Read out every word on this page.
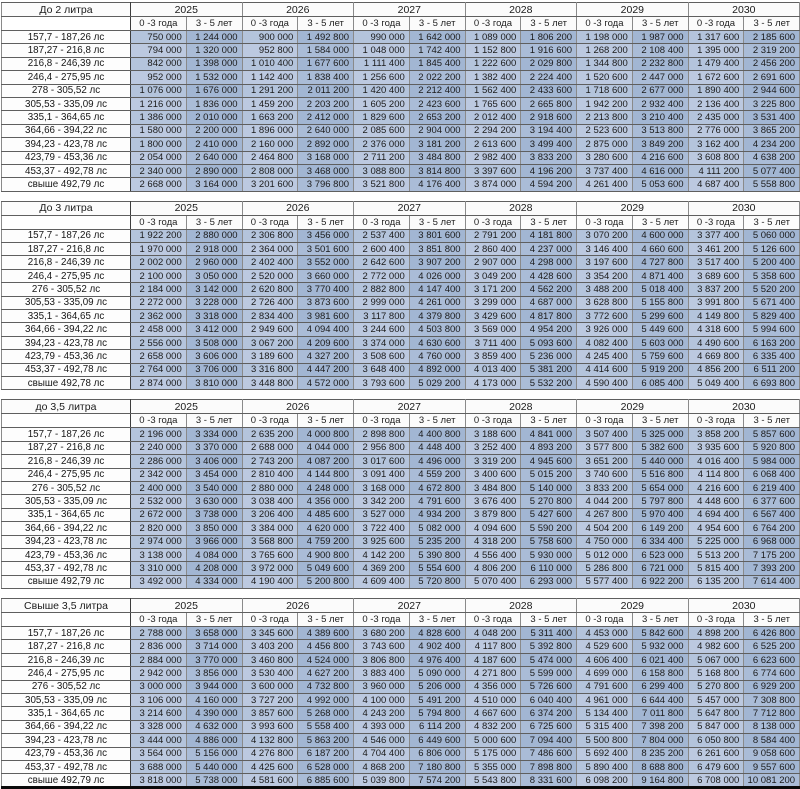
До 2 литра	2025		2026		2027		2028		2029		2030	
	0 -3 года	3 - 5 лет	0 -3 года	3 - 5 лет	0 -3 года	3 - 5 лет	0 -3 года	3 - 5 лет	0 -3 года	3 - 5 лет	0 -3 года	3 - 5 лет
157,7 - 187,26 лс	750 000	1 244 000	900 000	1 492 800	990 000	1 642 000	1 089 000	1 806 200	1 198 000	1 987 000	1 317 600	2 185 600
187,27 - 216,8 лс	794 000	1 320 000	952 800	1 584 000	1 048 000	1 742 400	1 152 800	1 916 600	1 268 200	2 108 400	1 395 000	2 319 200
216,8 - 246,39 лс	842 000	1 398 000	1 010 400	1 677 600	1 111 400	1 845 400	1 222 600	2 029 800	1 344 800	2 232 800	1 479 400	2 456 200
246,4 - 275,95 лс	952 000	1 532 000	1 142 400	1 838 400	1 256 600	2 022 200	1 382 400	2 224 400	1 520 600	2 447 000	1 672 600	2 691 600
278 - 305,52 лс	1 076 000	1 676 000	1 291 200	2 011 200	1 420 400	2 212 400	1 562 400	2 433 600	1 718 600	2 677 000	1 890 400	2 944 600
305,53 - 335,09 лс	1 216 000	1 836 000	1 459 200	2 203 200	1 605 200	2 423 600	1 765 600	2 665 800	1 942 200	2 932 400	2 136 400	3 225 800
335,1 - 364,65 лс	1 386 000	2 010 000	1 663 200	2 412 000	1 829 600	2 653 200	2 012 400	2 918 600	2 213 800	3 210 400	2 435 000	3 531 400
364,66 - 394,22 лс	1 580 000	2 200 000	1 896 000	2 640 000	2 085 600	2 904 000	2 294 200	3 194 400	2 523 600	3 513 800	2 776 000	3 865 200
394,23 - 423,78 лс	1 800 000	2 410 000	2 160 000	2 892 000	2 376 000	3 181 200	2 613 600	3 499 400	2 875 000	3 849 200	3 162 400	4 234 200
423,79 - 453,36 лс	2 054 000	2 640 000	2 464 800	3 168 000	2 711 200	3 484 800	2 982 400	3 833 200	3 280 600	4 216 600	3 608 800	4 638 200
453,37 - 492,78 лс	2 340 000	2 890 000	2 808 000	3 468 000	3 088 800	3 814 800	3 397 600	4 196 200	3 737 400	4 616 000	4 111 200	5 077 400
свыше 492,79 лс	2 668 000	3 164 000	3 201 600	3 796 800	3 521 800	4 176 400	3 874 000	4 594 200	4 261 400	5 053 600	4 687 400	5 558 800
До 3 литра	2025		2026		2027		2028		2029		2030	
	0 -3 года	3 - 5 лет	0 -3 года	3 - 5 лет	0 -3 года	3 - 5 лет	0 -3 года	3 - 5 лет	0 -3 года	3 - 5 лет	0 -3 года	3 - 5 лет
157,7 - 187,26 лс	1 922 200	2 880 000	2 306 800	3 456 000	2 537 400	3 801 600	2 791 200	4 181 800	3 070 200	4 600 000	3 377 400	5 060 000
187,27 - 216,8 лс	1 970 000	2 918 000	2 364 000	3 501 600	2 600 400	3 851 800	2 860 400	4 237 000	3 146 400	4 660 600	3 461 200	5 126 600
216,8 - 246,39 лс	2 002 000	2 960 000	2 402 400	3 552 000	2 642 600	3 907 200	2 907 000	4 298 000	3 197 600	4 727 800	3 517 400	5 200 400
246,4 - 275,95 лс	2 100 000	3 050 000	2 520 000	3 660 000	2 772 000	4 026 000	3 049 200	4 428 600	3 354 200	4 871 400	3 689 600	5 358 600
276 - 305,52 лс	2 184 000	3 142 000	2 620 800	3 770 400	2 882 800	4 147 400	3 171 200	4 562 200	3 488 200	5 018 400	3 837 200	5 520 200
305,53 - 335,09 лс	2 272 000	3 228 000	2 726 400	3 873 600	2 999 000	4 261 000	3 299 000	4 687 000	3 628 800	5 155 800	3 991 800	5 671 400
335,1 - 364,65 лс	2 362 000	3 318 000	2 834 400	3 981 600	3 117 800	4 379 800	3 429 600	4 817 800	3 772 600	5 299 600	4 149 800	5 829 400
364,66 - 394,22 лс	2 458 000	3 412 000	2 949 600	4 094 400	3 244 600	4 503 800	3 569 000	4 954 200	3 926 000	5 449 600	4 318 600	5 994 600
394,23 - 423,78 лс	2 556 000	3 508 000	3 067 200	4 209 600	3 374 000	4 630 600	3 711 400	5 093 600	4 082 400	5 603 000	4 490 600	6 163 200
423,79 - 453,36 лс	2 658 000	3 606 000	3 189 600	4 327 200	3 508 600	4 760 000	3 859 400	5 236 000	4 245 400	5 759 600	4 669 800	6 335 400
453,37 - 492,78 лс	2 764 000	3 706 000	3 316 800	4 447 200	3 648 400	4 892 000	4 013 400	5 381 200	4 414 600	5 919 200	4 856 200	6 511 200
свыше 492,78 лс	2 874 000	3 810 000	3 448 800	4 572 000	3 793 600	5 029 200	4 173 000	5 532 200	4 590 400	6 085 400	5 049 400	6 693 800
до 3,5 литра	2025		2026		2027		2028		2029		2030	
	0 -3 года	3 - 5 лет	0 -3 года	3 - 5 лет	0 -3 года	3 - 5 лет	0 -3 года	3 - 5 лет	0 -3 года	3 - 5 лет	0 -3 года	3 - 5 лет
157,7 - 187,26 лс	2 196 000	3 334 000	2 635 200	4 000 800	2 898 800	4 400 800	3 188 600	4 841 000	3 507 400	5 325 000	3 858 200	5 857 600
187,27 - 216,8 лс	2 240 000	3 370 000	2 688 000	4 044 000	2 956 800	4 448 400	3 252 400	4 893 200	3 577 800	5 382 600	3 935 600	5 920 800
216,8 - 246,39 лс	2 286 000	3 406 000	2 743 200	4 087 200	3 017 600	4 496 000	3 319 200	4 945 600	3 651 200	5 440 000	4 016 400	5 984 000
246,4 - 275,95 лс	2 342 000	3 454 000	2 810 400	4 144 800	3 091 400	4 559 200	3 400 600	5 015 200	3 740 600	5 516 800	4 114 800	6 068 400
276 - 305,52 лс	2 400 000	3 540 000	2 880 000	4 248 000	3 168 000	4 672 800	3 484 800	5 140 000	3 833 200	5 654 000	4 216 600	6 219 400
305,53 - 335,09 лс	2 532 000	3 630 000	3 038 400	4 356 000	3 342 200	4 791 600	3 676 400	5 270 800	4 044 200	5 797 800	4 448 600	6 377 600
335,1 - 364,65 лс	2 672 000	3 738 000	3 206 400	4 485 600	3 527 000	4 934 200	3 879 800	5 427 600	4 267 800	5 970 400	4 694 400	6 567 400
364,66 - 394,22 лс	2 820 000	3 850 000	3 384 000	4 620 000	3 722 400	5 082 000	4 094 600	5 590 200	4 504 200	6 149 200	4 954 600	6 764 200
394,23 - 423,78 лс	2 974 000	3 966 000	3 568 800	4 759 200	3 925 600	5 235 200	4 318 200	5 758 600	4 750 000	6 334 400	5 225 000	6 968 000
423,79 - 453,36 лс	3 138 000	4 084 000	3 765 600	4 900 800	4 142 200	5 390 800	4 556 400	5 930 000	5 012 000	6 523 000	5 513 200	7 175 200
453,37 - 492,78 лс	3 310 000	4 208 000	3 972 000	5 049 600	4 369 200	5 554 600	4 806 200	6 110 000	5 286 800	6 721 000	5 815 400	7 393 200
свыше 492,79 лс	3 492 000	4 334 000	4 190 400	5 200 800	4 609 400	5 720 800	5 070 400	6 293 000	5 577 400	6 922 200	6 135 200	7 614 400
Свыше 3,5 литра	2025		2026		2027		2028		2029		2030	
	0 -3 года	3 - 5 лет	0 -3 года	3 - 5 лет	0 -3 года	3 - 5 лет	0 -3 года	3 - 5 лет	0 -3 года	3 - 5 лет	0 -3 года	3 - 5 лет
157,7 - 187,26 лс	2 788 000	3 658 000	3 345 600	4 389 600	3 680 200	4 828 600	4 048 200	5 311 400	4 453 000	5 842 600	4 898 200	6 426 800
187,27 - 216,8 лс	2 836 000	3 714 000	3 403 200	4 456 800	3 743 600	4 902 400	4 117 800	5 392 800	4 529 600	5 932 000	4 982 600	6 525 200
216,8 - 246,39 лс	2 884 000	3 770 000	3 460 800	4 524 000	3 806 800	4 976 400	4 187 600	5 474 000	4 606 400	6 021 400	5 067 000	6 623 600
246,4 - 275,95 лс	2 942 000	3 856 000	3 530 400	4 627 200	3 883 400	5 090 000	4 271 800	5 599 000	4 699 000	6 158 800	5 168 800	6 774 600
276 - 305,52 лс	3 000 000	3 944 000	3 600 000	4 732 800	3 960 000	5 206 000	4 356 000	5 726 600	4 791 600	6 299 400	5 270 800	6 929 200
305,53 - 335,09 лс	3 106 000	4 160 000	3 727 200	4 992 000	4 100 000	5 491 200	4 510 000	6 040 400	4 961 000	6 644 400	5 457 000	7 308 800
335,1 - 364,65 лс	3 214 600	4 390 000	3 857 600	5 268 000	4 243 200	5 794 800	4 667 600	6 374 200	5 134 400	7 011 800	5 647 800	7 712 800
364,66 - 394,22 лс	3 328 000	4 632 000	3 993 600	5 558 400	4 393 000	6 114 200	4 832 200	6 725 600	5 315 400	7 398 200	5 847 000	8 138 000
394,23 - 423,78 лс	3 444 000	4 886 000	4 132 800	5 863 200	4 546 000	6 449 600	5 000 600	7 094 400	5 500 800	7 804 000	6 050 800	8 584 400
423,79 - 453,36 лс	3 564 000	5 156 000	4 276 800	6 187 200	4 704 400	6 806 000	5 175 000	7 486 600	5 692 400	8 235 200	6 261 600	9 058 600
453,37 - 492,78 лс	3 688 000	5 440 000	4 425 600	6 528 000	4 868 200	7 180 800	5 355 000	7 898 800	5 890 400	8 688 800	6 479 600	9 557 600
свыше 492,79 лс	3 818 000	5 738 000	4 581 600	6 885 600	5 039 800	7 574 200	5 543 800	8 331 600	6 098 200	9 164 800	6 708 000	10 081 200
